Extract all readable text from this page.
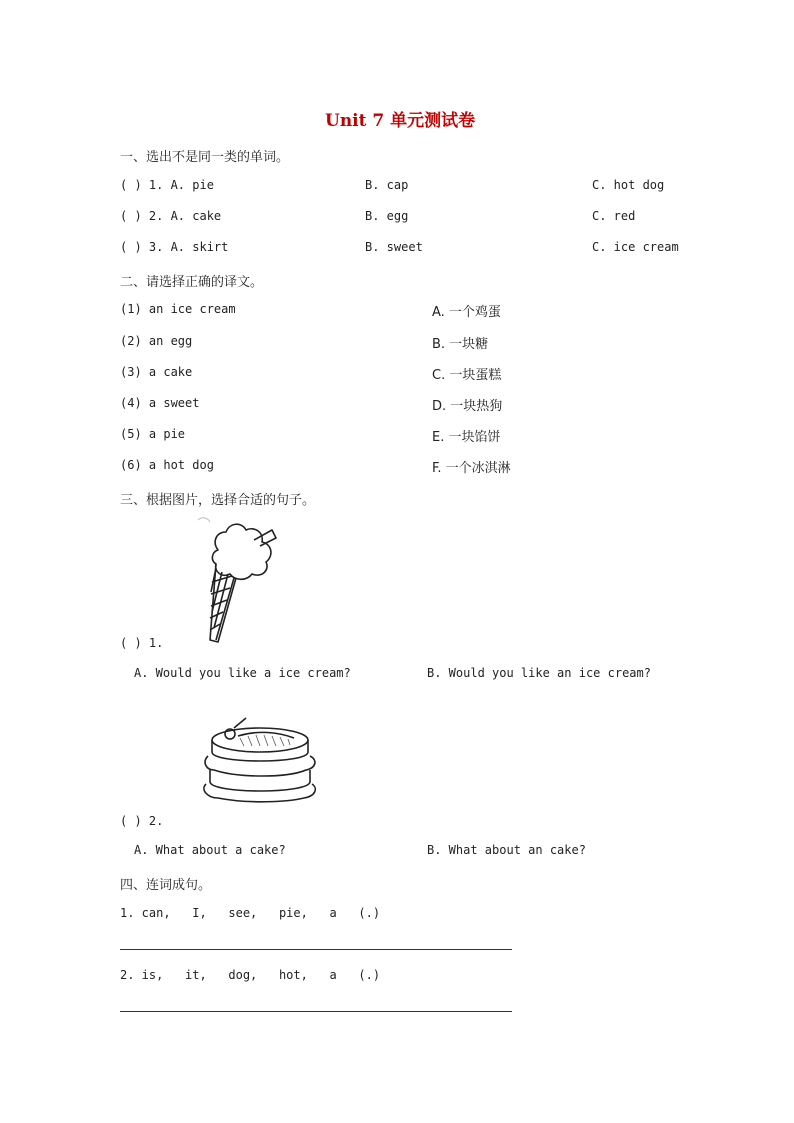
Unit 7 单元测试卷
一、选出不是同一类的单词。
( ) 1. A. pie	B. cap	C. hot dog
( ) 2. A. cake	B. egg	C. red
( ) 3. A. skirt	B. sweet	C. ice cream
二、请选择正确的译文。
(1) an ice cream	A. 一个鸡蛋
(2) an egg	B. 一块糖
(3) a cake	C. 一块蛋糕
(4) a sweet	D. 一块热狗
(5) a pie	E. 一块馅饼
(6) a hot dog	F. 一个冰淇淋
三、根据图片，选择合适的句子。
( ) 1.
A. Would you like a ice cream?	B. Would you like an ice cream?
( ) 2.
A. What about a cake?	B. What about an cake?
四、连词成句。
1. can,   I,   see,   pie,   a   (.)
2. is,   it,   dog,   hot,   a   (.)
